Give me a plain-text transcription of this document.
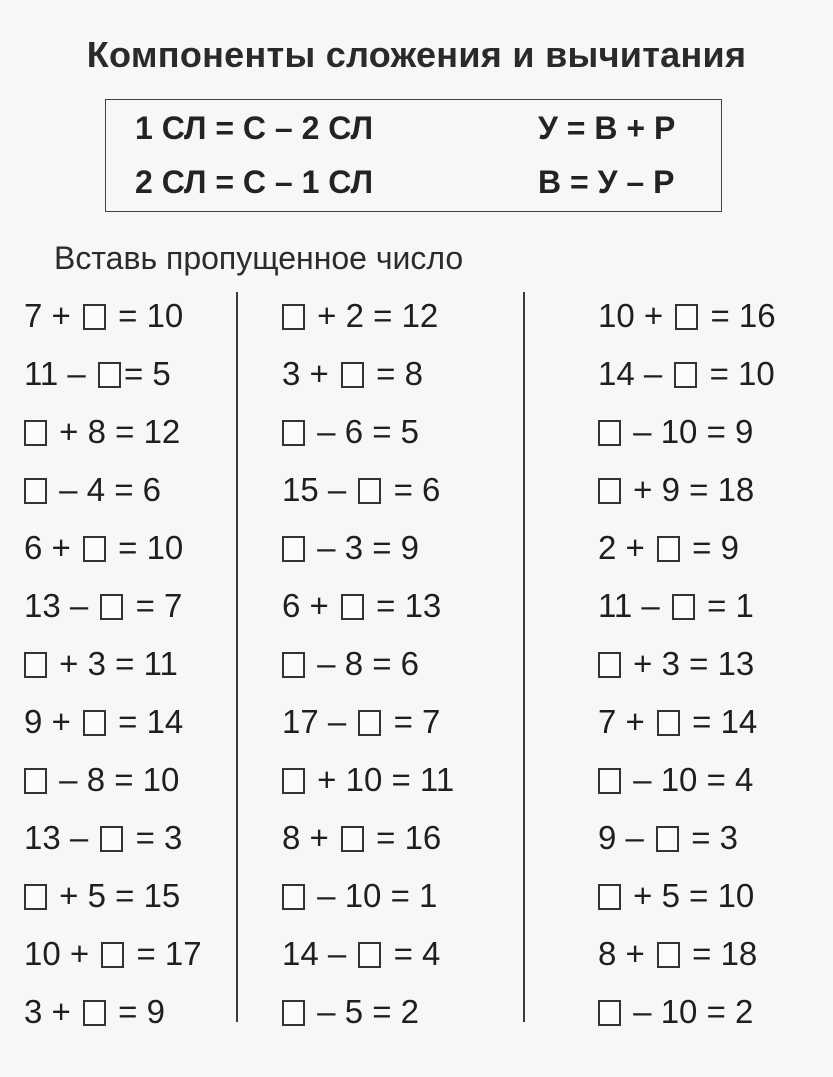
Компоненты сложения и вычитания
1 СЛ = С – 2 СЛ
2 СЛ = С – 1 СЛ
У = В + Р
В = У – Р
Вставь пропущенное число
7 +  = 10
11 – = 5
+ 8 = 12
– 4 = 6
6 +  = 10
13 –  = 7
+ 3 = 11
9 +  = 14
– 8 = 10
13 –  = 3
+ 5 = 15
10 +  = 17
3 +  = 9
+ 2 = 12
3 +  = 8
– 6 = 5
15 –  = 6
– 3 = 9
6 +  = 13
– 8 = 6
17 –  = 7
+ 10 = 11
8 +  = 16
– 10 = 1
14 –  = 4
– 5 = 2
10 +  = 16
14 –  = 10
– 10 = 9
+ 9 = 18
2 +  = 9
11 –  = 1
+ 3 = 13
7 +  = 14
– 10 = 4
9 –  = 3
+ 5 = 10
8 +  = 18
– 10 = 2
